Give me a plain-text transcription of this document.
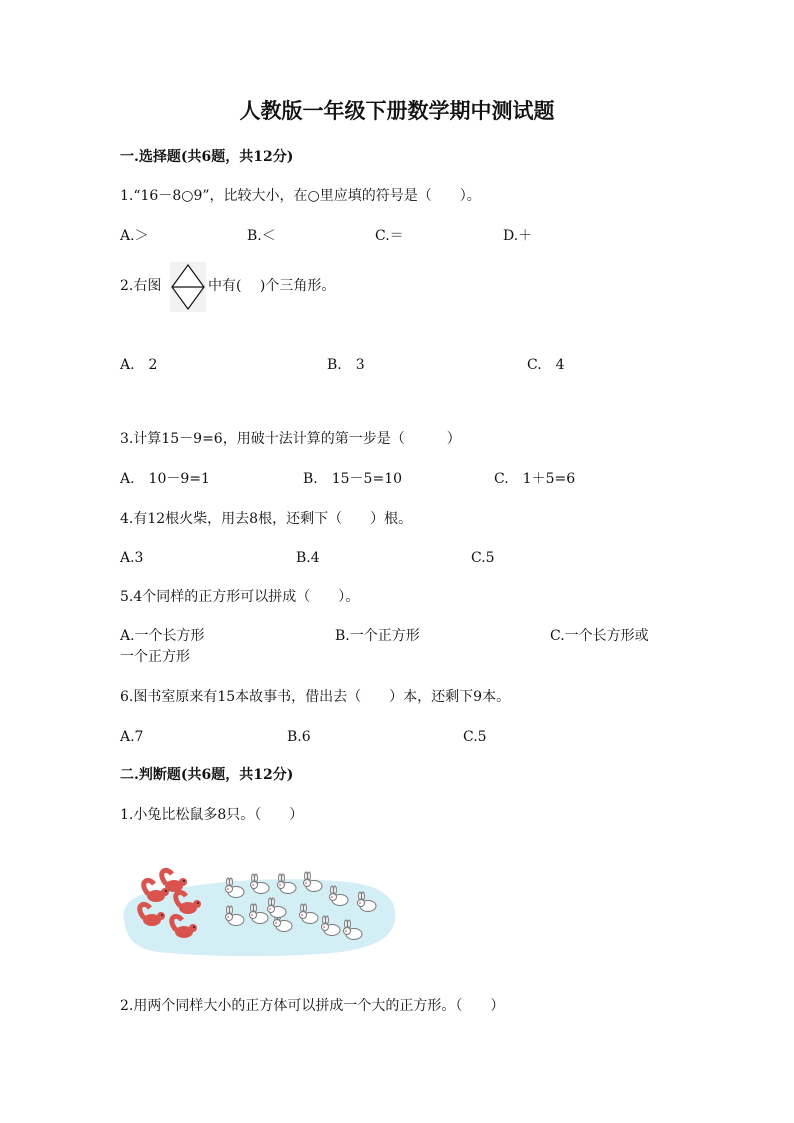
人教版一年级下册数学期中测试题
一.选择题(共6题，共12分)
1.“16－8○9”，比较大小，在○里应填的符号是（　　）。
A.＞	B.＜	C.＝	D.＋
2.右图	中有(　 )个三角形。
A.　2	B.　3	C.　4
3.计算15－9=6，用破十法计算的第一步是（　　　）
A.　10－9=1	B.　15－5=10	C.　1＋5=6
4.有12根火柴，用去8根，还剩下（　　）根。
A.3	B.4	C.5
5.4个同样的正方形可以拼成（　　）。
A.一个长方形	B.一个正方形	C.一个长方形或
一个正方形
6.图书室原来有15本故事书，借出去（　　）本，还剩下9本。
A.7	B.6	C.5
二.判断题(共6题，共12分)
1.小兔比松鼠多8只。（　　）
2.用两个同样大小的正方体可以拼成一个大的正方形。（　　）
